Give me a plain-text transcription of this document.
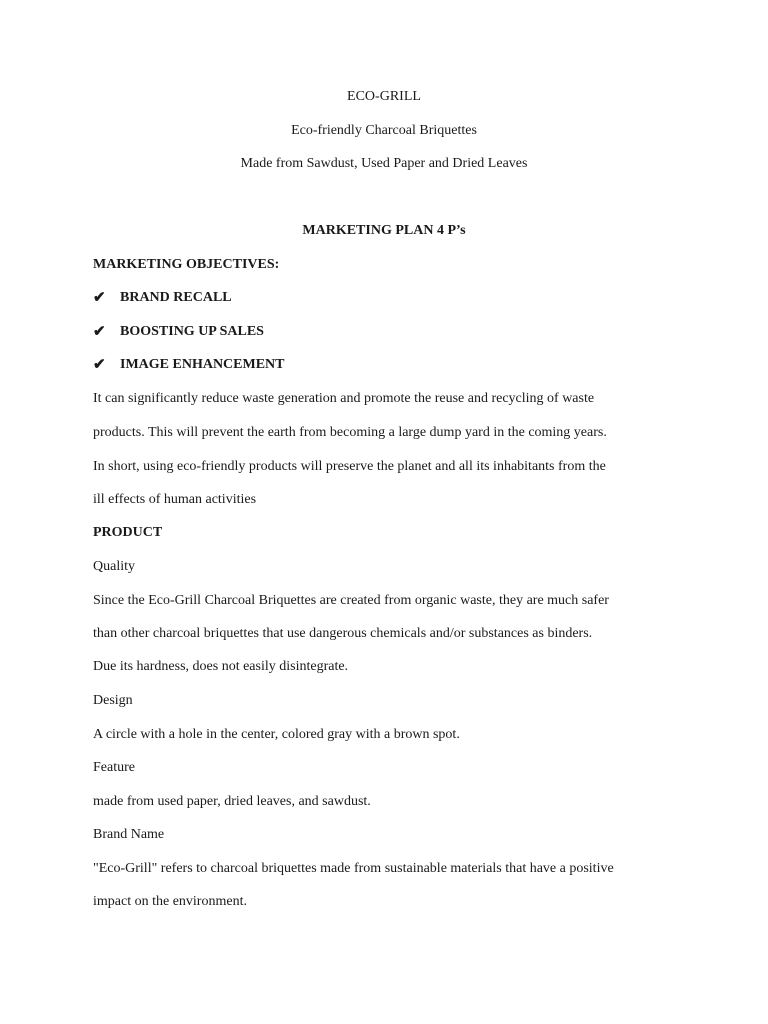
ECO-GRILL
Eco-friendly Charcoal Briquettes
Made from Sawdust, Used Paper and Dried Leaves
MARKETING PLAN 4 P’s
MARKETING OBJECTIVES:
✔	BRAND RECALL
✔	BOOSTING UP SALES
✔	IMAGE ENHANCEMENT
It can significantly reduce waste generation and promote the reuse and recycling of waste
products. This will prevent the earth from becoming a large dump yard in the coming years.
In short, using eco-friendly products will preserve the planet and all its inhabitants from the
ill effects of human activities
PRODUCT
Quality
Since the Eco-Grill Charcoal Briquettes are created from organic waste, they are much safer
than other charcoal briquettes that use dangerous chemicals and/or substances as binders.
Due its hardness, does not easily disintegrate.
Design
A circle with a hole in the center, colored gray with a brown spot.
Feature
made from used paper, dried leaves, and sawdust.
Brand Name
"Eco-Grill" refers to charcoal briquettes made from sustainable materials that have a positive
impact on the environment.
